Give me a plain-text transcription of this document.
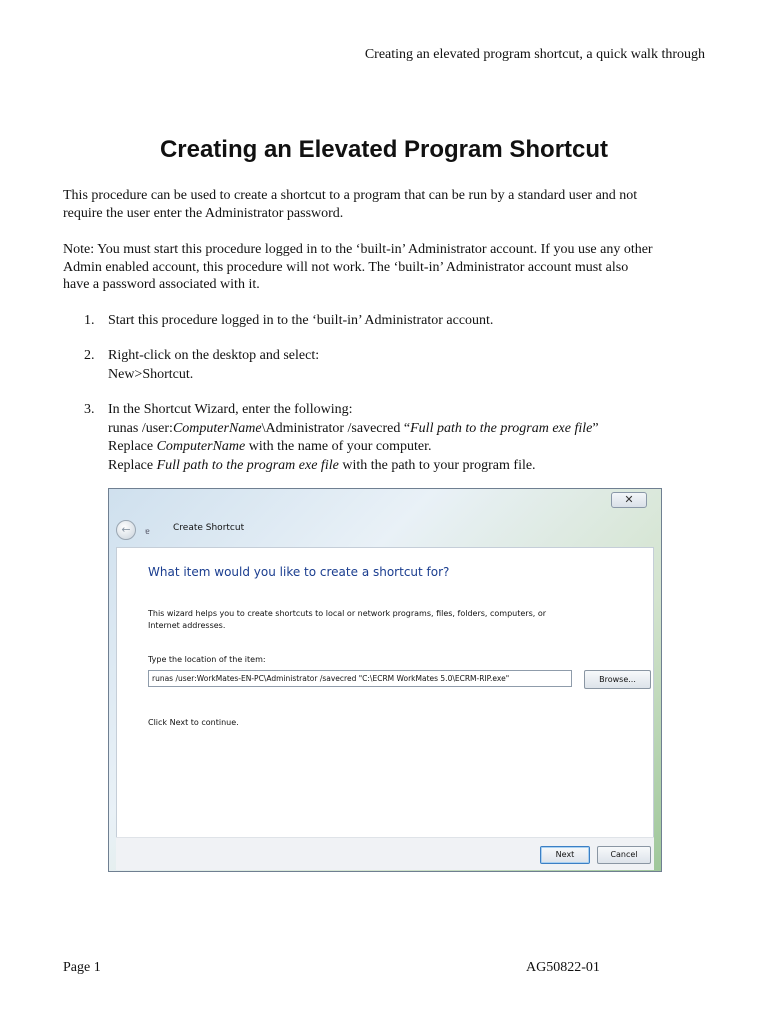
Creating an elevated program shortcut, a quick walk through
Creating an Elevated Program Shortcut

This procedure can be used to create a shortcut to a program that can be run by a standard user and not
require the user enter the Administrator password.

Note: You must start this procedure logged in to the ‘built-in’ Administrator account. If you use any other
Admin enabled account, this procedure will not work. The ‘built-in’ Administrator account must also
have a password associated with it.

1. Start this procedure logged in to the ‘built-in’ Administrator account.
2. Right-click on the desktop and select:
New>Shortcut.
3. In the Shortcut Wizard, enter the following:
runas /user:ComputerName\Administrator /savecred “Full path to the program exe file”
Replace ComputerName with the name of your computer.
Replace Full path to the program exe file with the path to your program file.
✕
←	ɐ	Create Shortcut
What item would you like to create a shortcut for?
This wizard helps you to create shortcuts to local or network programs, files, folders, computers, or
Internet addresses.
Type the location of the item:
runas /user:WorkMates-EN-PC\Administrator /savecred "C:\ECRM WorkMates 5.0\ECRM-RIP.exe"	Browse...
Click Next to continue.
Next	Cancel
Page 1	AG50822-01
